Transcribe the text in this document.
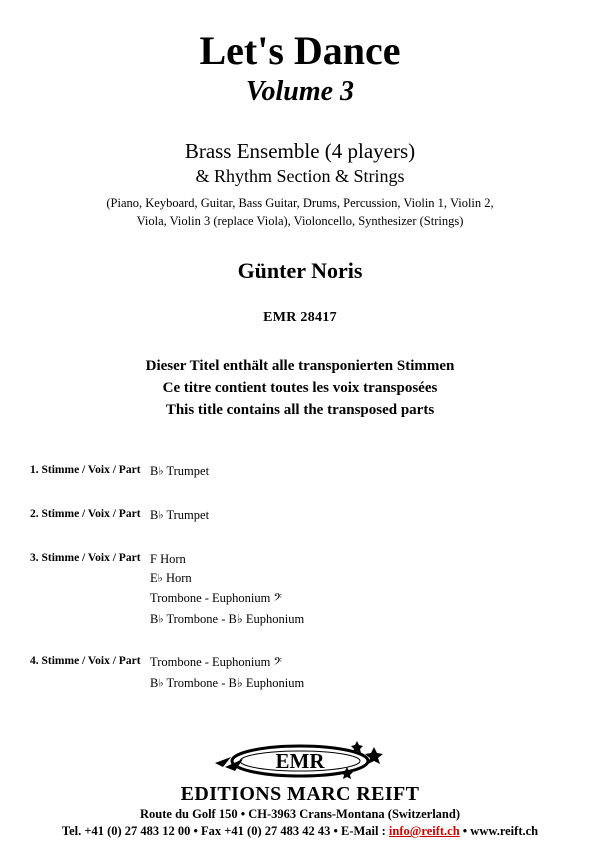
Let's Dance
Volume 3
Brass Ensemble (4 players)
& Rhythm Section & Strings
(Piano, Keyboard, Guitar, Bass Guitar, Drums, Percussion, Violin 1, Violin 2,
Viola, Violin 3 (replace Viola), Violoncello, Synthesizer (Strings)
Günter Noris
EMR 28417
Dieser Titel enthält alle transponierten Stimmen
Ce titre contient toutes les voix transposées
This title contains all the transposed parts
1. Stimme / Voix / Part B♭ Trumpet
2. Stimme / Voix / Part B♭ Trumpet
3. Stimme / Voix / Part F Horn
E♭ Horn
Trombone - Euphonium 𝄢
B♭ Trombone - B♭ Euphonium
4. Stimme / Voix / Part Trombone - Euphonium 𝄢
B♭ Trombone - B♭ Euphonium
EMR
EDITIONS MARC REIFT
Route du Golf 150 • CH-3963 Crans-Montana (Switzerland)
Tel. +41 (0) 27 483 12 00 • Fax +41 (0) 27 483 42 43 • E-Mail : info@reift.ch • www.reift.ch
